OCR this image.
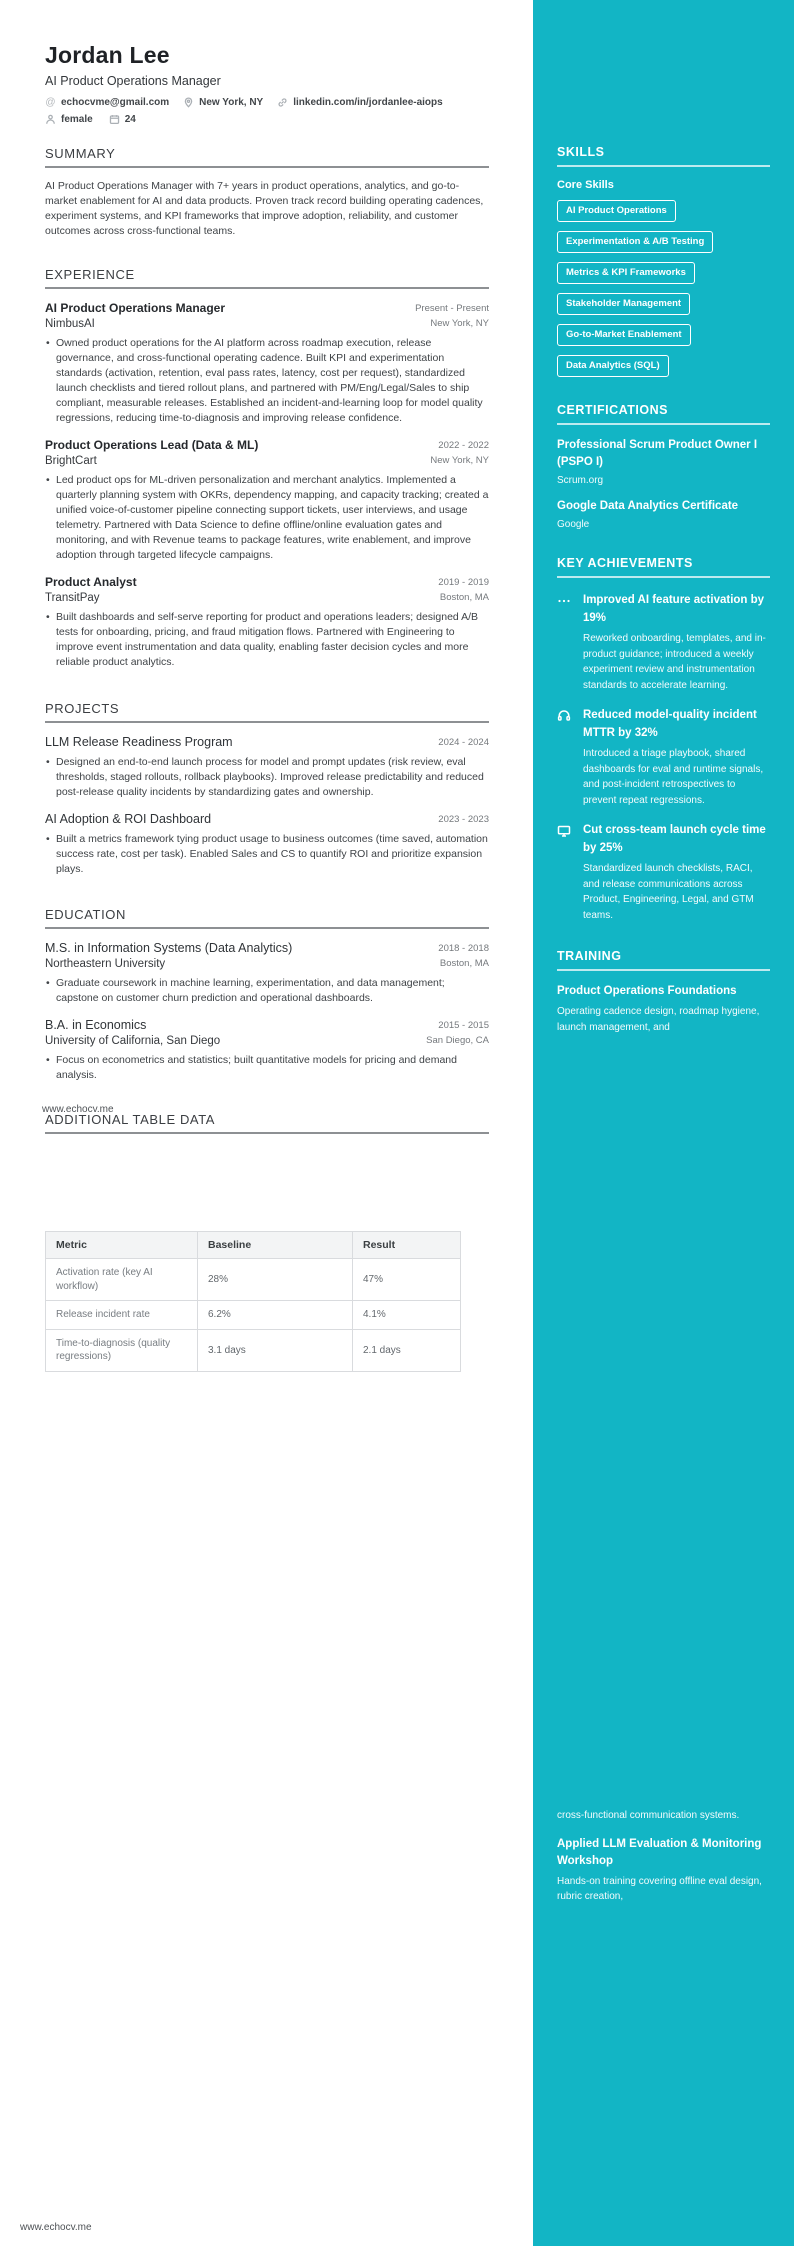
Jordan Lee
AI Product Operations Manager
@ echocvme@gmail.com	New York, NY	linkedin.com/in/jordanlee-aiops
female	24
SUMMARY
AI Product Operations Manager with 7+ years in product operations, analytics, and go-to-market enablement for AI and data products. Proven track record building operating cadences, experiment systems, and KPI frameworks that improve adoption, reliability, and customer outcomes across cross-functional teams.
EXPERIENCE
AI Product Operations Manager
NimbusAI
Present - Present
New York, NY
• Owned product operations for the AI platform across roadmap execution, release governance, and cross-functional operating cadence. Built KPI and experimentation standards (activation, retention, eval pass rates, latency, cost per request), standardized launch checklists and tiered rollout plans, and partnered with PM/Eng/Legal/Sales to ship compliant, measurable releases. Established an incident-and-learning loop for model quality regressions, reducing time-to-diagnosis and improving release confidence.
Product Operations Lead (Data & ML)
BrightCart
2022 - 2022
New York, NY
• Led product ops for ML-driven personalization and merchant analytics. Implemented a quarterly planning system with OKRs, dependency mapping, and capacity tracking; created a unified voice-of-customer pipeline connecting support tickets, user interviews, and usage telemetry. Partnered with Data Science to define offline/online evaluation gates and monitoring, and with Revenue teams to package features, write enablement, and improve adoption through targeted lifecycle campaigns.
Product Analyst
TransitPay
2019 - 2019
Boston, MA
• Built dashboards and self-serve reporting for product and operations leaders; designed A/B tests for onboarding, pricing, and fraud mitigation flows. Partnered with Engineering to improve event instrumentation and data quality, enabling faster decision cycles and more reliable product analytics.
PROJECTS
LLM Release Readiness Program	2024 - 2024
• Designed an end-to-end launch process for model and prompt updates (risk review, eval thresholds, staged rollouts, rollback playbooks). Improved release predictability and reduced post-release quality incidents by standardizing gates and ownership.
AI Adoption & ROI Dashboard	2023 - 2023
• Built a metrics framework tying product usage to business outcomes (time saved, automation success rate, cost per task). Enabled Sales and CS to quantify ROI and prioritize expansion plays.
EDUCATION
M.S. in Information Systems (Data Analytics)
Northeastern University
2018 - 2018
Boston, MA
• Graduate coursework in machine learning, experimentation, and data management; capstone on customer churn prediction and operational dashboards.
B.A. in Economics
University of California, San Diego
2015 - 2015
San Diego, CA
• Focus on econometrics and statistics; built quantitative models for pricing and demand analysis.
ADDITIONAL TABLE DATA
Metric	Baseline	Result
Activation rate (key AI workflow)	28%	47%
Release incident rate	6.2%	4.1%
Time-to-diagnosis (quality regressions)	3.1 days	2.1 days
www.echocv.me
www.echocv.me
SKILLS
Core Skills
AI Product Operations
Experimentation & A/B Testing
Metrics & KPI Frameworks
Stakeholder Management
Go-to-Market Enablement
Data Analytics (SQL)
CERTIFICATIONS
Professional Scrum Product Owner I (PSPO I)
Scrum.org
Google Data Analytics Certificate
Google
KEY ACHIEVEMENTS
Improved AI feature activation by 19%
Reworked onboarding, templates, and in-product guidance; introduced a weekly experiment review and instrumentation standards to accelerate learning.
Reduced model-quality incident MTTR by 32%
Introduced a triage playbook, shared dashboards for eval and runtime signals, and post-incident retrospectives to prevent repeat regressions.
Cut cross-team launch cycle time by 25%
Standardized launch checklists, RACI, and release communications across Product, Engineering, Legal, and GTM teams.
TRAINING
Product Operations Foundations
Operating cadence design, roadmap hygiene, launch management, and
cross-functional communication systems.
Applied LLM Evaluation & Monitoring Workshop
Hands-on training covering offline eval design, rubric creation,
